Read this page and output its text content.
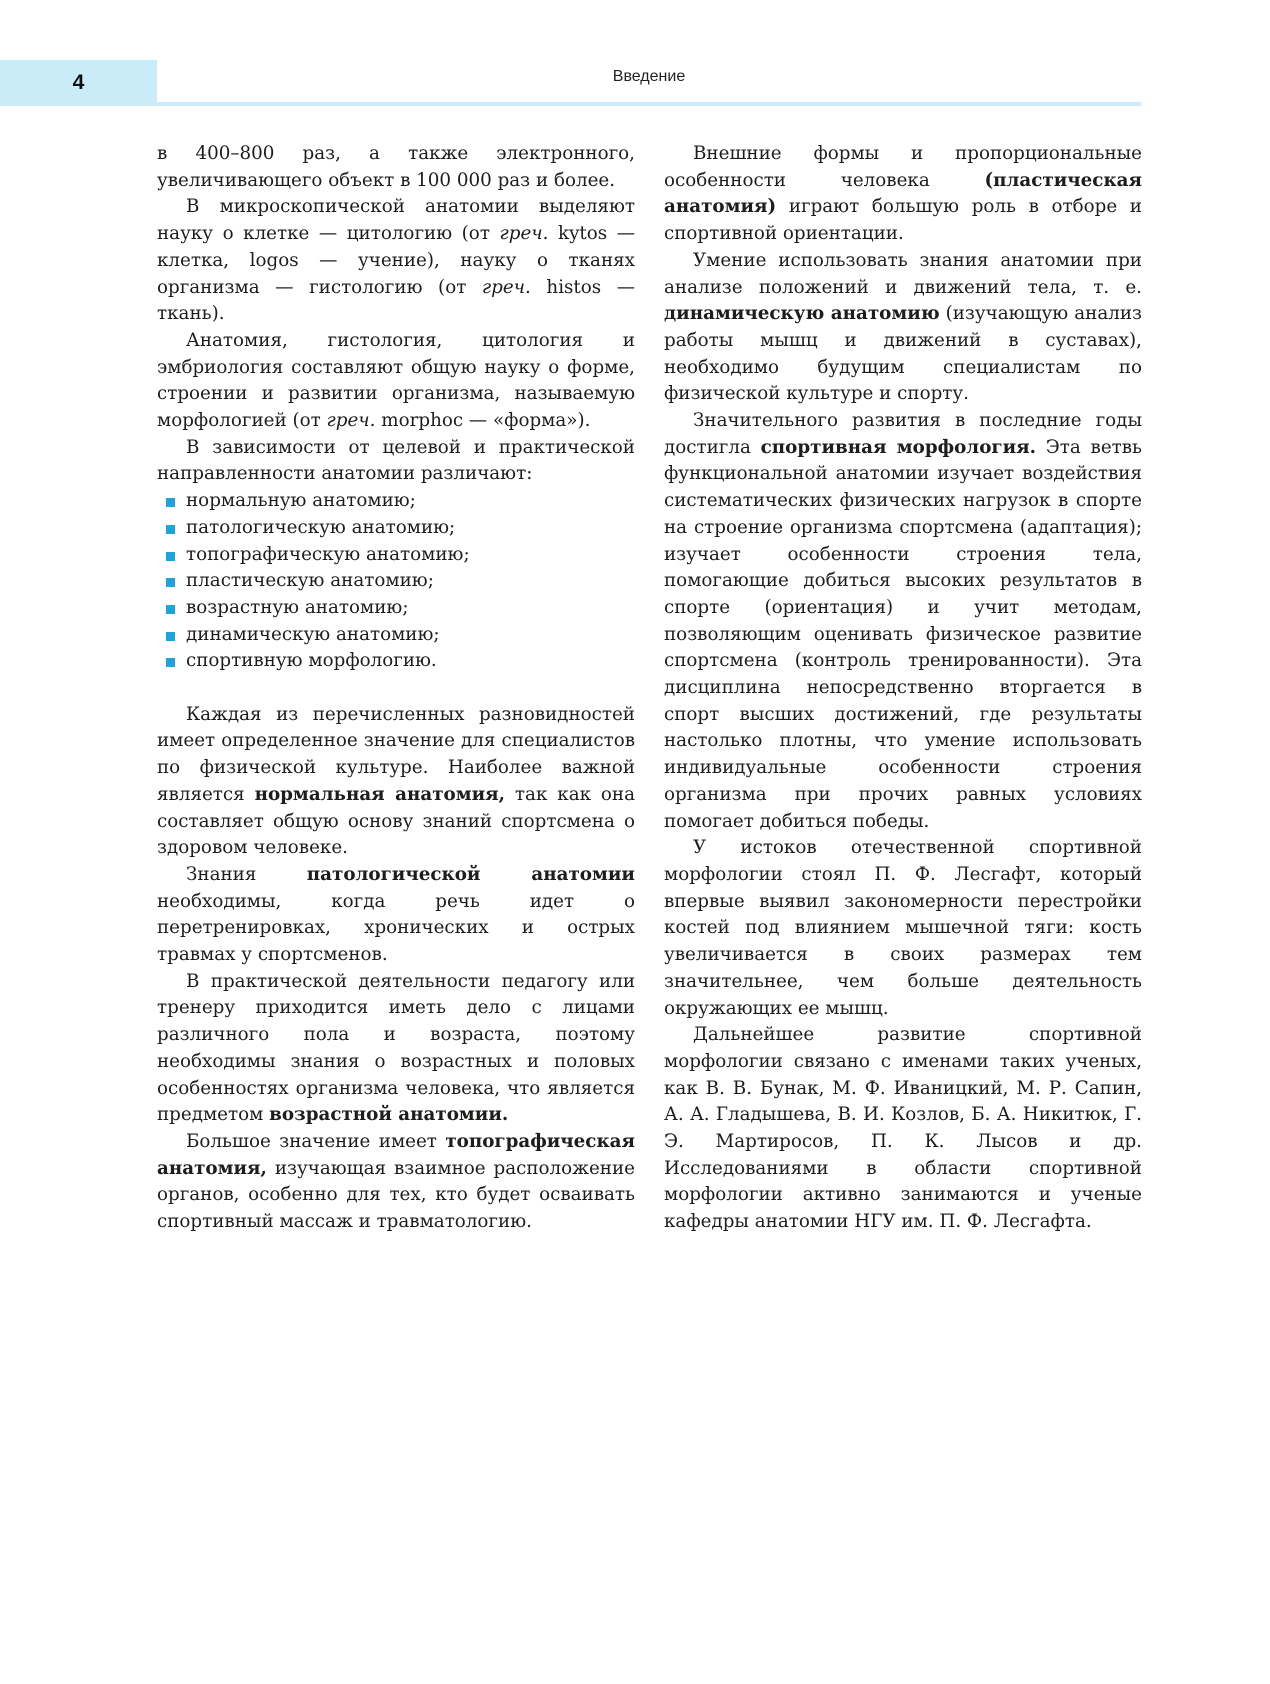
4	Введение

в 400–800 раз, а также электронного, увеличивающего объект в 100 000 раз и более.

В микроскопической анатомии выделяют науку о клетке — цитологию (от греч. kytos — клетка, logos — учение), науку о тканях организма — гистологию (от греч. histos — ткань).

Анатомия, гистология, цитология и эмбриология составляют общую науку о форме, строении и развитии организма, называемую морфологией (от греч. morphoc — «форма»).

В зависимости от целевой и практической направленности анатомии различают:

нормальную анатомию;
патологическую анатомию;
топографическую анатомию;
пластическую анатомию;
возрастную анатомию;
динамическую анатомию;
спортивную морфологию.

Каждая из перечисленных разновидностей имеет определенное значение для специалистов по физической культуре. Наиболее важной является нормальная анатомия, так как она составляет общую основу знаний спортсмена о здоровом человеке.

Знания патологической анатомии необходимы, когда речь идет о перетренировках, хронических и острых травмах у спортсменов.

В практической деятельности педагогу или тренеру приходится иметь дело с лицами различного пола и возраста, поэтому необходимы знания о возрастных и половых особенностях организма человека, что является предметом возрастной анатомии.

Большое значение имеет топографическая анатомия, изучающая взаимное расположение органов, особенно для тех, кто будет осваивать спортивный массаж и травматологию.

Внешние формы и пропорциональные особенности человека (пластическая анатомия) играют большую роль в отборе и спортивной ориентации.

Умение использовать знания анатомии при анализе положений и движений тела, т. е. динамическую анатомию (изучающую анализ работы мышц и движений в суставах), необходимо будущим специалистам по физической культуре и спорту.

Значительного развития в последние годы достигла спортивная морфология. Эта ветвь функциональной анатомии изучает воздействия систематических физических нагрузок в спорте на строение организма спортсмена (адаптация); изучает особенности строения тела, помогающие добиться высоких результатов в спорте (ориентация) и учит методам, позволяющим оценивать физическое развитие спортсмена (контроль тренированности). Эта дисциплина непосредственно вторгается в спорт высших достижений, где результаты настолько плотны, что умение использовать индивидуальные особенности строения организма при прочих равных условиях помогает добиться победы.

У истоков отечественной спортивной морфологии стоял П. Ф. Лесгафт, который впервые выявил закономерности перестройки костей под влиянием мышечной тяги: кость увеличивается в своих размерах тем значительнее, чем больше деятельность окружающих ее мышц.

Дальнейшее развитие спортивной морфологии связано с именами таких ученых, как В. В. Бунак, М. Ф. Иваницкий, М. Р. Сапин, А. А. Гладышева, В. И. Козлов, Б. А. Никитюк, Г. Э. Мартиросов, П. К. Лысов и др. Исследованиями в области спортивной морфологии активно занимаются и ученые кафедры анатомии НГУ им. П. Ф. Лесгафта.
